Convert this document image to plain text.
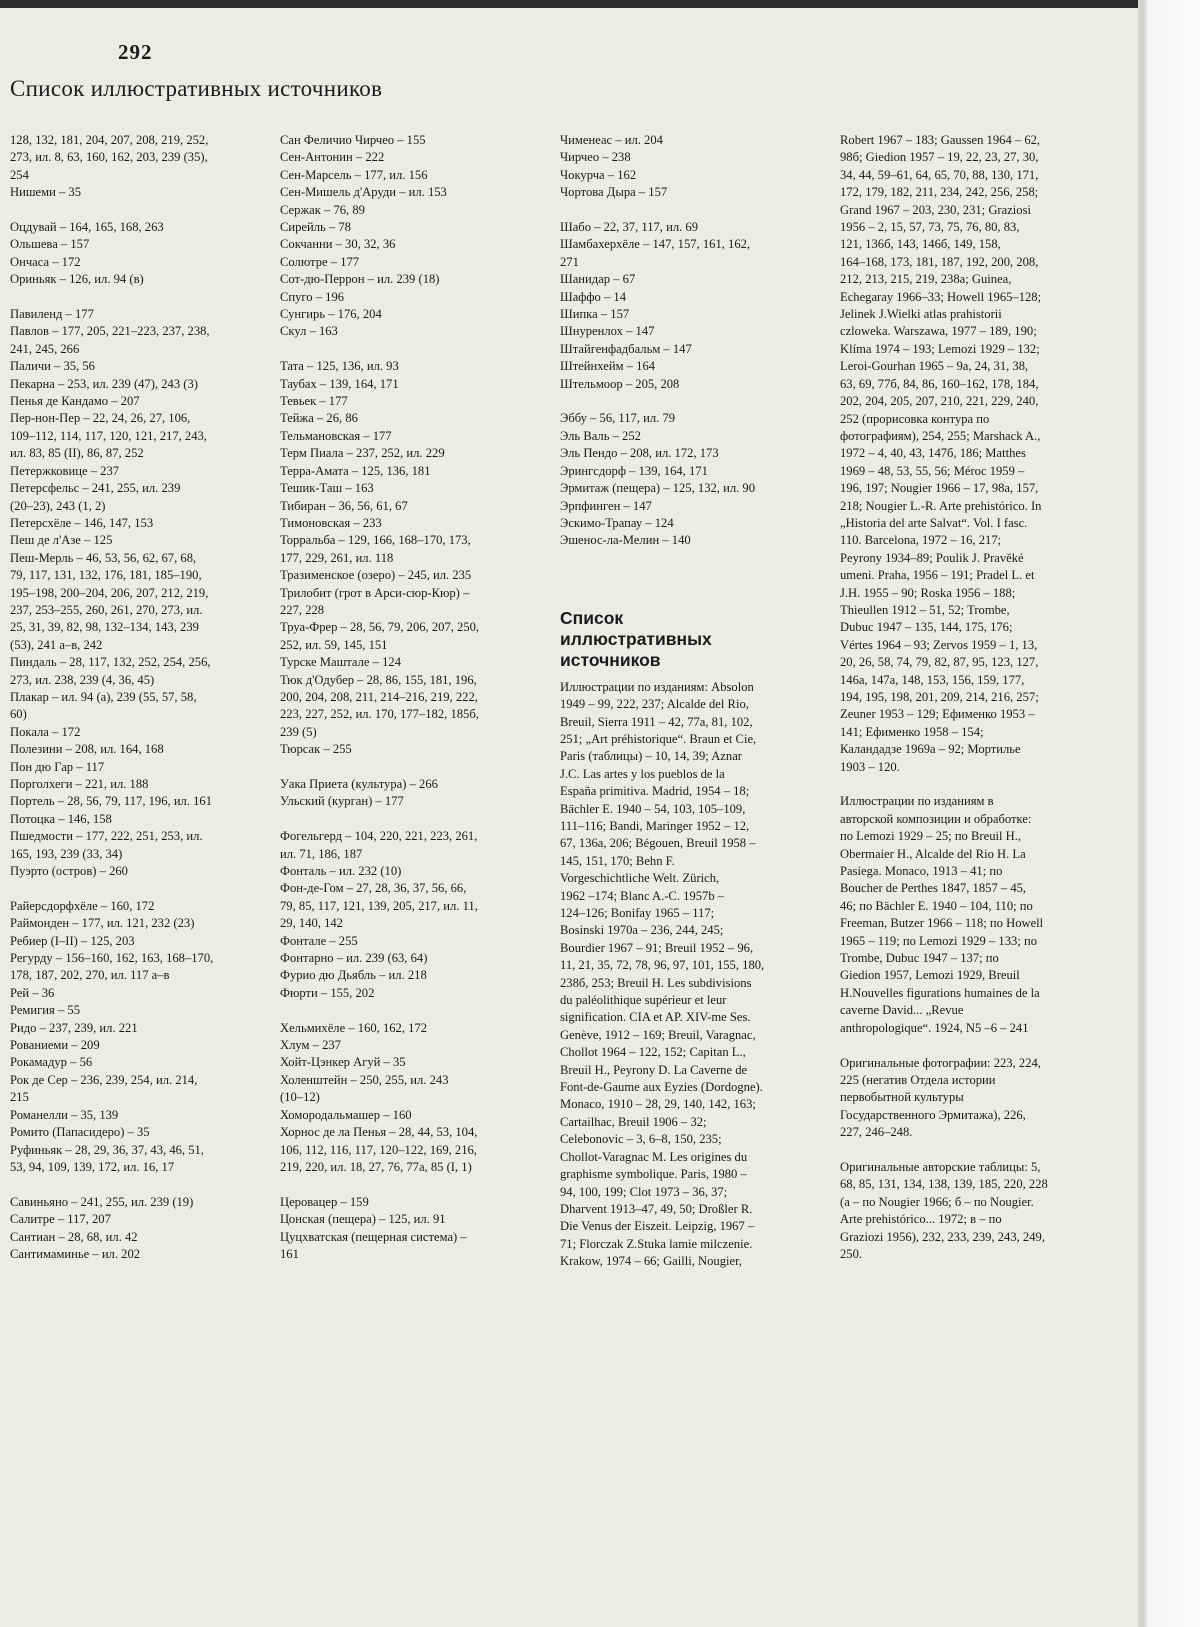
292
Список иллюстративных источников
128, 132, 181, 204, 207, 208, 219, 252,
273, ил. 8, 63, 160, 162, 203, 239 (35),
254
Нишеми – 35
Оцдувай – 164, 165, 168, 263
Ольшева – 157
Ончаса – 172
Ориньяк – 126, ил. 94 (в)
Павиленд – 177
Павлов – 177, 205, 221–223, 237, 238,
241, 245, 266
Паличи – 35, 56
Пекарна – 253, ил. 239 (47), 243 (3)
Пенья де Кандамо – 207
Пер-нон-Пер – 22, 24, 26, 27, 106,
109–112, 114, 117, 120, 121, 217, 243,
ил. 83, 85 (II), 86, 87, 252
Петержковице – 237
Петерсфельс – 241, 255, ил. 239
(20–23), 243 (1, 2)
Петерсхёле – 146, 147, 153
Пеш де л'Азе – 125
Пеш-Мерль – 46, 53, 56, 62, 67, 68,
79, 117, 131, 132, 176, 181, 185–190,
195–198, 200–204, 206, 207, 212, 219,
237, 253–255, 260, 261, 270, 273, ил.
25, 31, 39, 82, 98, 132–134, 143, 239
(53), 241 а–в, 242
Пиндаль – 28, 117, 132, 252, 254, 256,
273, ил. 238, 239 (4, 36, 45)
Плакар – ил. 94 (а), 239 (55, 57, 58,
60)
Покала – 172
Полезини – 208, ил. 164, 168
Пон дю Гар – 117
Порголхеги – 221, ил. 188
Портель – 28, 56, 79, 117, 196, ил. 161
Потоцка – 146, 158
Пшедмости – 177, 222, 251, 253, ил.
165, 193, 239 (33, 34)
Пуэрто (остров) – 260
Райерсдорфхёле – 160, 172
Раймонден – 177, ил. 121, 232 (23)
Ребиер (I–II) – 125, 203
Регурду – 156–160, 162, 163, 168–170,
178, 187, 202, 270, ил. 117 а–в
Рей – 36
Ремигия – 55
Ридо – 237, 239, ил. 221
Рованиеми – 209
Рокамадур – 56
Рок де Сер – 236, 239, 254, ил. 214,
215
Романелли – 35, 139
Ромито (Папасидеро) – 35
Руфиньяк – 28, 29, 36, 37, 43, 46, 51,
53, 94, 109, 139, 172, ил. 16, 17
Савиньяно – 241, 255, ил. 239 (19)
Салитре – 117, 207
Сантиан – 28, 68, ил. 42
Сантимаминье – ил. 202
Сан Феличио Чирчео – 155
Сен-Антонин – 222
Сен-Марсель – 177, ил. 156
Сен-Мишель д'Аруди – ил. 153
Сержак – 76, 89
Сирейль – 78
Сокчанни – 30, 32, 36
Солютре – 177
Сот-дю-Перрон – ил. 239 (18)
Спуго – 196
Сунгирь – 176, 204
Скул – 163
Тата – 125, 136, ил. 93
Таубах – 139, 164, 171
Тевьек – 177
Тейжа – 26, 86
Тельмановская – 177
Терм Пиала – 237, 252, ил. 229
Терра-Амата – 125, 136, 181
Тешик-Таш – 163
Тибиран – 36, 56, 61, 67
Тимоновская – 233
Торральба – 129, 166, 168–170, 173,
177, 229, 261, ил. 118
Тразименское (озеро) – 245, ил. 235
Трилобит (грот в Арси-сюр-Кюр) –
227, 228
Труа-Фрер – 28, 56, 79, 206, 207, 250,
252, ил. 59, 145, 151
Турске Маштале – 124
Тюк д'Одубер – 28, 86, 155, 181, 196,
200, 204, 208, 211, 214–216, 219, 222,
223, 227, 252, ил. 170, 177–182, 185б,
239 (5)
Тюрсак – 255
Уака Приета (культура) – 266
Ульский (курган) – 177
Фогельгерд – 104, 220, 221, 223, 261,
ил. 71, 186, 187
Фонталь – ил. 232 (10)
Фон-де-Гом – 27, 28, 36, 37, 56, 66,
79, 85, 117, 121, 139, 205, 217, ил. 11,
29, 140, 142
Фонтале – 255
Фонтарно – ил. 239 (63, 64)
Фурио дю Дьябль – ил. 218
Фюрти – 155, 202
Хельмихёле – 160, 162, 172
Хлум – 237
Хойт-Цэнкер Агуй – 35
Холенштейн – 250, 255, ил. 243
(10–12)
Хомородальмашер – 160
Хорнос де ла Пенья – 28, 44, 53, 104,
106, 112, 116, 117, 120–122, 169, 216,
219, 220, ил. 18, 27, 76, 77а, 85 (I, 1)
Церовацер – 159
Цонская (пещера) – 125, ил. 91
Цуцхватская (пещерная система) –
161
Чименеас – ил. 204
Чирчео – 238
Чокурча – 162
Чортова Дыра – 157
Шабо – 22, 37, 117, ил. 69
Шамбахерхёле – 147, 157, 161, 162,
271
Шанидар – 67
Шаффо – 14
Шипка – 157
Шнуренлох – 147
Штайгенфадбальм – 147
Штейнхейм – 164
Штельмоор – 205, 208
Эббу – 56, 117, ил. 79
Эль Валь – 252
Эль Пендо – 208, ил. 172, 173
Эрингсдорф – 139, 164, 171
Эрмитаж (пещера) – 125, 132, ил. 90
Эрпфинген – 147
Эскимо-Трапау – 124
Эшенос-ла-Мелин – 140
Список
иллюстративных
источников
Иллюстрации по изданиям: Absolon
1949 – 99, 222, 237; Alcalde del Rio,
Breuil, Sierra 1911 – 42, 77а, 81, 102,
251; „Art préhistorique“. Braun et Cie,
Paris (таблицы) – 10, 14, 39; Aznar
J.C. Las artes y los pueblos de la
España primitiva. Madrid, 1954 – 18;
Bächler E. 1940 – 54, 103, 105–109,
111–116; Bandi, Maringer 1952 – 12,
67, 136а, 206; Bégouen, Breuil 1958 –
145, 151, 170; Behn F.
Vorgeschichtliche Welt. Zürich,
1962 –174; Blanc A.-C. 1957b –
124–126; Bonifay 1965 – 117;
Bosinski 1970a – 236, 244, 245;
Bourdier 1967 – 91; Breuil 1952 – 96,
11, 21, 35, 72, 78, 96, 97, 101, 155, 180,
238б, 253; Breuil H. Les subdivisions
du paléolithique supérieur et leur
signification. CIA et AP. XIV-me Ses.
Genève, 1912 – 169; Breuil, Varagnac,
Chollot 1964 – 122, 152; Capitan L.,
Breuil H., Peyrony D. La Caverne de
Font-de-Gaume aux Eyzies (Dordogne).
Monaco, 1910 – 28, 29, 140, 142, 163;
Cartailhac, Breuil 1906 – 32;
Celebonovic – 3, 6–8, 150, 235;
Chollot-Varagnac M. Les origines du
graphisme symbolique. Paris, 1980 –
94, 100, 199; Clot 1973 – 36, 37;
Dharvent 1913–47, 49, 50; Droßler R.
Die Venus der Eiszeit. Leipzig, 1967 –
71; Florczak Z.Stuka lamie milczenie.
Krakow, 1974 – 66; Gailli, Nougier,
Robert 1967 – 183; Gaussen 1964 – 62,
98б; Giedion 1957 – 19, 22, 23, 27, 30,
34, 44, 59–61, 64, 65, 70, 88, 130, 171,
172, 179, 182, 211, 234, 242, 256, 258;
Grand 1967 – 203, 230, 231; Graziosi
1956 – 2, 15, 57, 73, 75, 76, 80, 83,
121, 136б, 143, 146б, 149, 158,
164–168, 173, 181, 187, 192, 200, 208,
212, 213, 215, 219, 238а; Guinea,
Echegaray 1966–33; Howell 1965–128;
Jelinek J.Wielki atlas prahistorii
czloweka. Warszawa, 1977 – 189, 190;
Klíma 1974 – 193; Lemozi 1929 – 132;
Leroi-Gourhan 1965 – 9а, 24, 31, 38,
63, 69, 77б, 84, 86, 160–162, 178, 184,
202, 204, 205, 207, 210, 221, 229, 240,
252 (прорисовка контура по
фотографиям), 254, 255; Marshack A.,
1972 – 4, 40, 43, 147б, 186; Matthes
1969 – 48, 53, 55, 56; Méroc 1959 –
196, 197; Nougier 1966 – 17, 98а, 157,
218; Nougier L.-R. Arte prehistórico. In
„Historia del arte Salvat“. Vol. I fasc.
110. Barcelona, 1972 – 16, 217;
Peyrony 1934–89; Poulik J. Pravěké
umeni. Praha, 1956 – 191; Pradel L. et
J.H. 1955 – 90; Roska 1956 – 188;
Thieullen 1912 – 51, 52; Trombe,
Dubuc 1947 – 135, 144, 175, 176;
Vértes 1964 – 93; Zervos 1959 – 1, 13,
20, 26, 58, 74, 79, 82, 87, 95, 123, 127,
146а, 147а, 148, 153, 156, 159, 177,
194, 195, 198, 201, 209, 214, 216, 257;
Zeuner 1953 – 129; Ефименко 1953 –
141; Ефименко 1958 – 154;
Каландадзе 1969а – 92; Мортилье
1903 – 120.
Иллюстрации по изданиям в
авторской композиции и обработке:
по Lemozi 1929 – 25; по Breuil H.,
Obermaier H., Alcalde del Rio H. La
Pasiega. Monaco, 1913 – 41; по
Boucher de Perthes 1847, 1857 – 45,
46; по Bächler E. 1940 – 104, 110; по
Freeman, Butzer 1966 – 118; по Howell
1965 – 119; по Lemozi 1929 – 133; по
Trombe, Dubuc 1947 – 137; по
Giedion 1957, Lemozi 1929, Breuil
H.Nouvelles figurations humaines de la
caverne David... „Revue
anthropologique“. 1924, N5 –6 – 241
Оригинальные фотографии: 223, 224,
225 (негатив Отдела истории
первобытной культуры
Государственного Эрмитажа), 226,
227, 246–248.
Оригинальные авторские таблицы: 5,
68, 85, 131, 134, 138, 139, 185, 220, 228
(а – по Nougier 1966; б – по Nougier.
Arte prehistórico... 1972; в – по
Graziozi 1956), 232, 233, 239, 243, 249,
250.
